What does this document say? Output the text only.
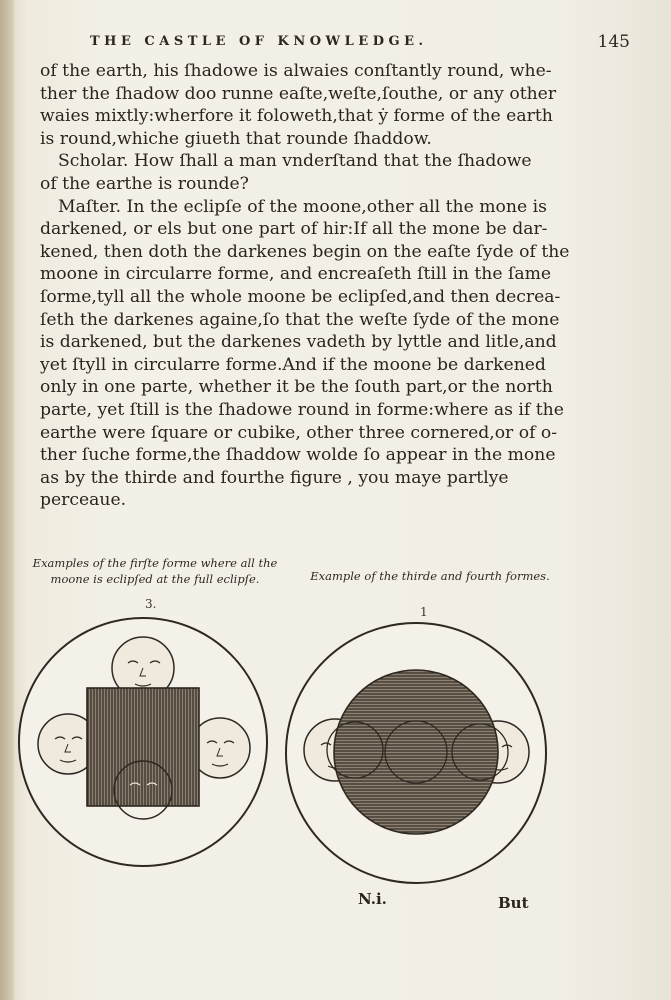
THE CASTLE OF KNOWLEDGE.	145
of the earth, his ſhadowe is alwaies conſtantly round, whe-
ther the ſhadow doo runne eaſte,weſte,ſouthe, or any other
waies mixtly:wherfore it foloweth,that ẏ forme of the earth
is round,whiche giueth that rounde ſhaddow.
Scholar. How ſhall a man vnderſtand that the ſhadowe
of the earthe is rounde?
Maſter. In the eclipſe of the moone,other all the mone is
darkened, or els but one part of hir:If all the mone be dar-
kened, then doth the darkenes begin on the eaſte ſyde of the
moone in circularre forme, and encreaſeth ſtill in the ſame
ſorme,tyll all the whole moone be eclipſed,and then decrea-
ſeth the darkenes againe,ſo that the weſte ſyde of the mone
is darkened, but the darkenes vadeth by lyttle and litle,and
yet ſtyll in circularre forme.And if the moone be darkened
only in one parte, whether it be the ſouth part,or the north
parte, yet ſtill is the ſhadowe round in forme:where as if the
earthe were ſquare or cubike, other three cornered,or of o-
ther ſuche forme,the ſhaddow wolde ſo appear in the mone
as by the thirde and fourthe figure , you maye partlye
perceaue.
Examples of the firſte forme where all the moone is eclipſed at the full eclipſe.	Example of the thirde and fourth formes.
3.
1
N.i.	But
